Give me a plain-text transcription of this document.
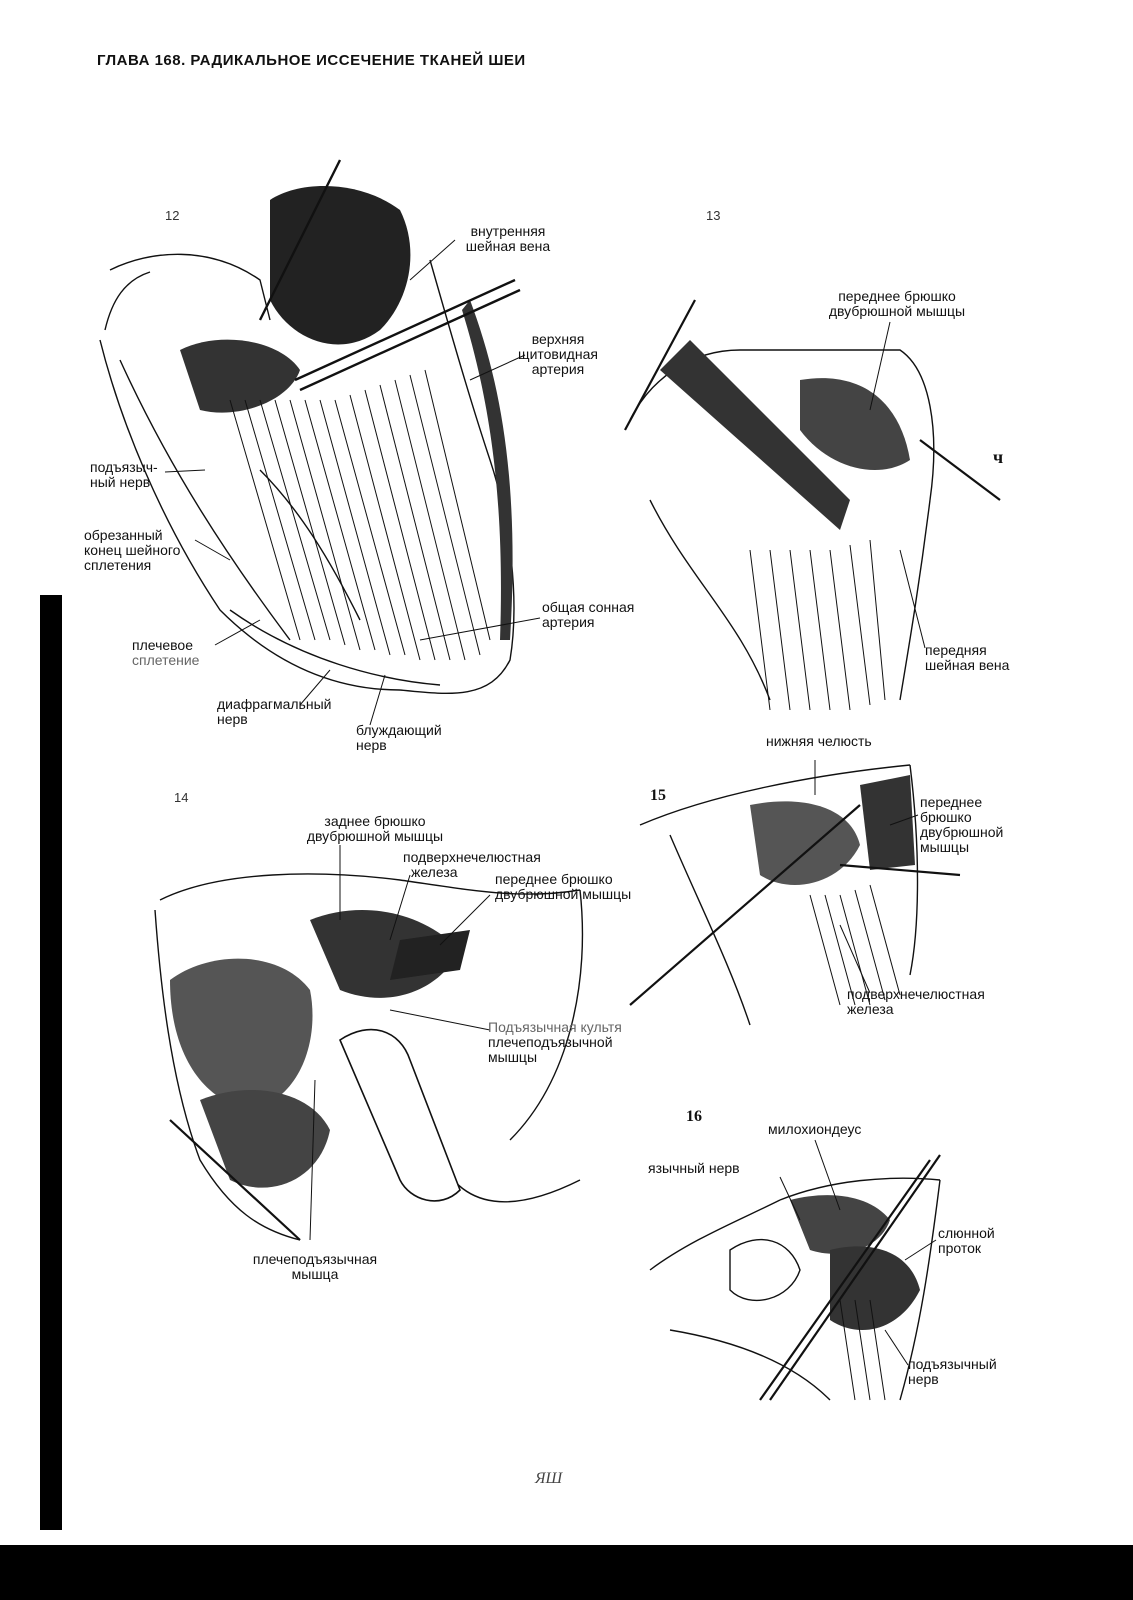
ГЛАВА 168. РАДИКАЛЬНОЕ ИССЕЧЕНИЕ ТКАНЕЙ ШЕИ
12
внутренняя
шейная вена
верхняя
щитовидная
артерия
подъязыч-
ный нерв
обрезанный
конец шейного
сплетения
общая сонная
артерия
плечевое
сплетение
диафрагмальный
нерв
блуждающий
нерв
13
переднее брюшко
двубрюшной мышцы
ч
передняя
шейная вена
14
заднее брюшко
двубрюшной мышцы
подверхнечелюстная
железа	переднее брюшко
двубрюшной мышцы
Подъязычная культя
плечеподъязычной
мышцы
плечеподъязычная
мышца
15
нижняя челюсть
переднее
брюшко
двубрюшной
мышцы
подверхнечелюстная
железа
16
милохиондеус
язычный нерв
слюнной
проток
подъязычный
нерв
ЯШ
